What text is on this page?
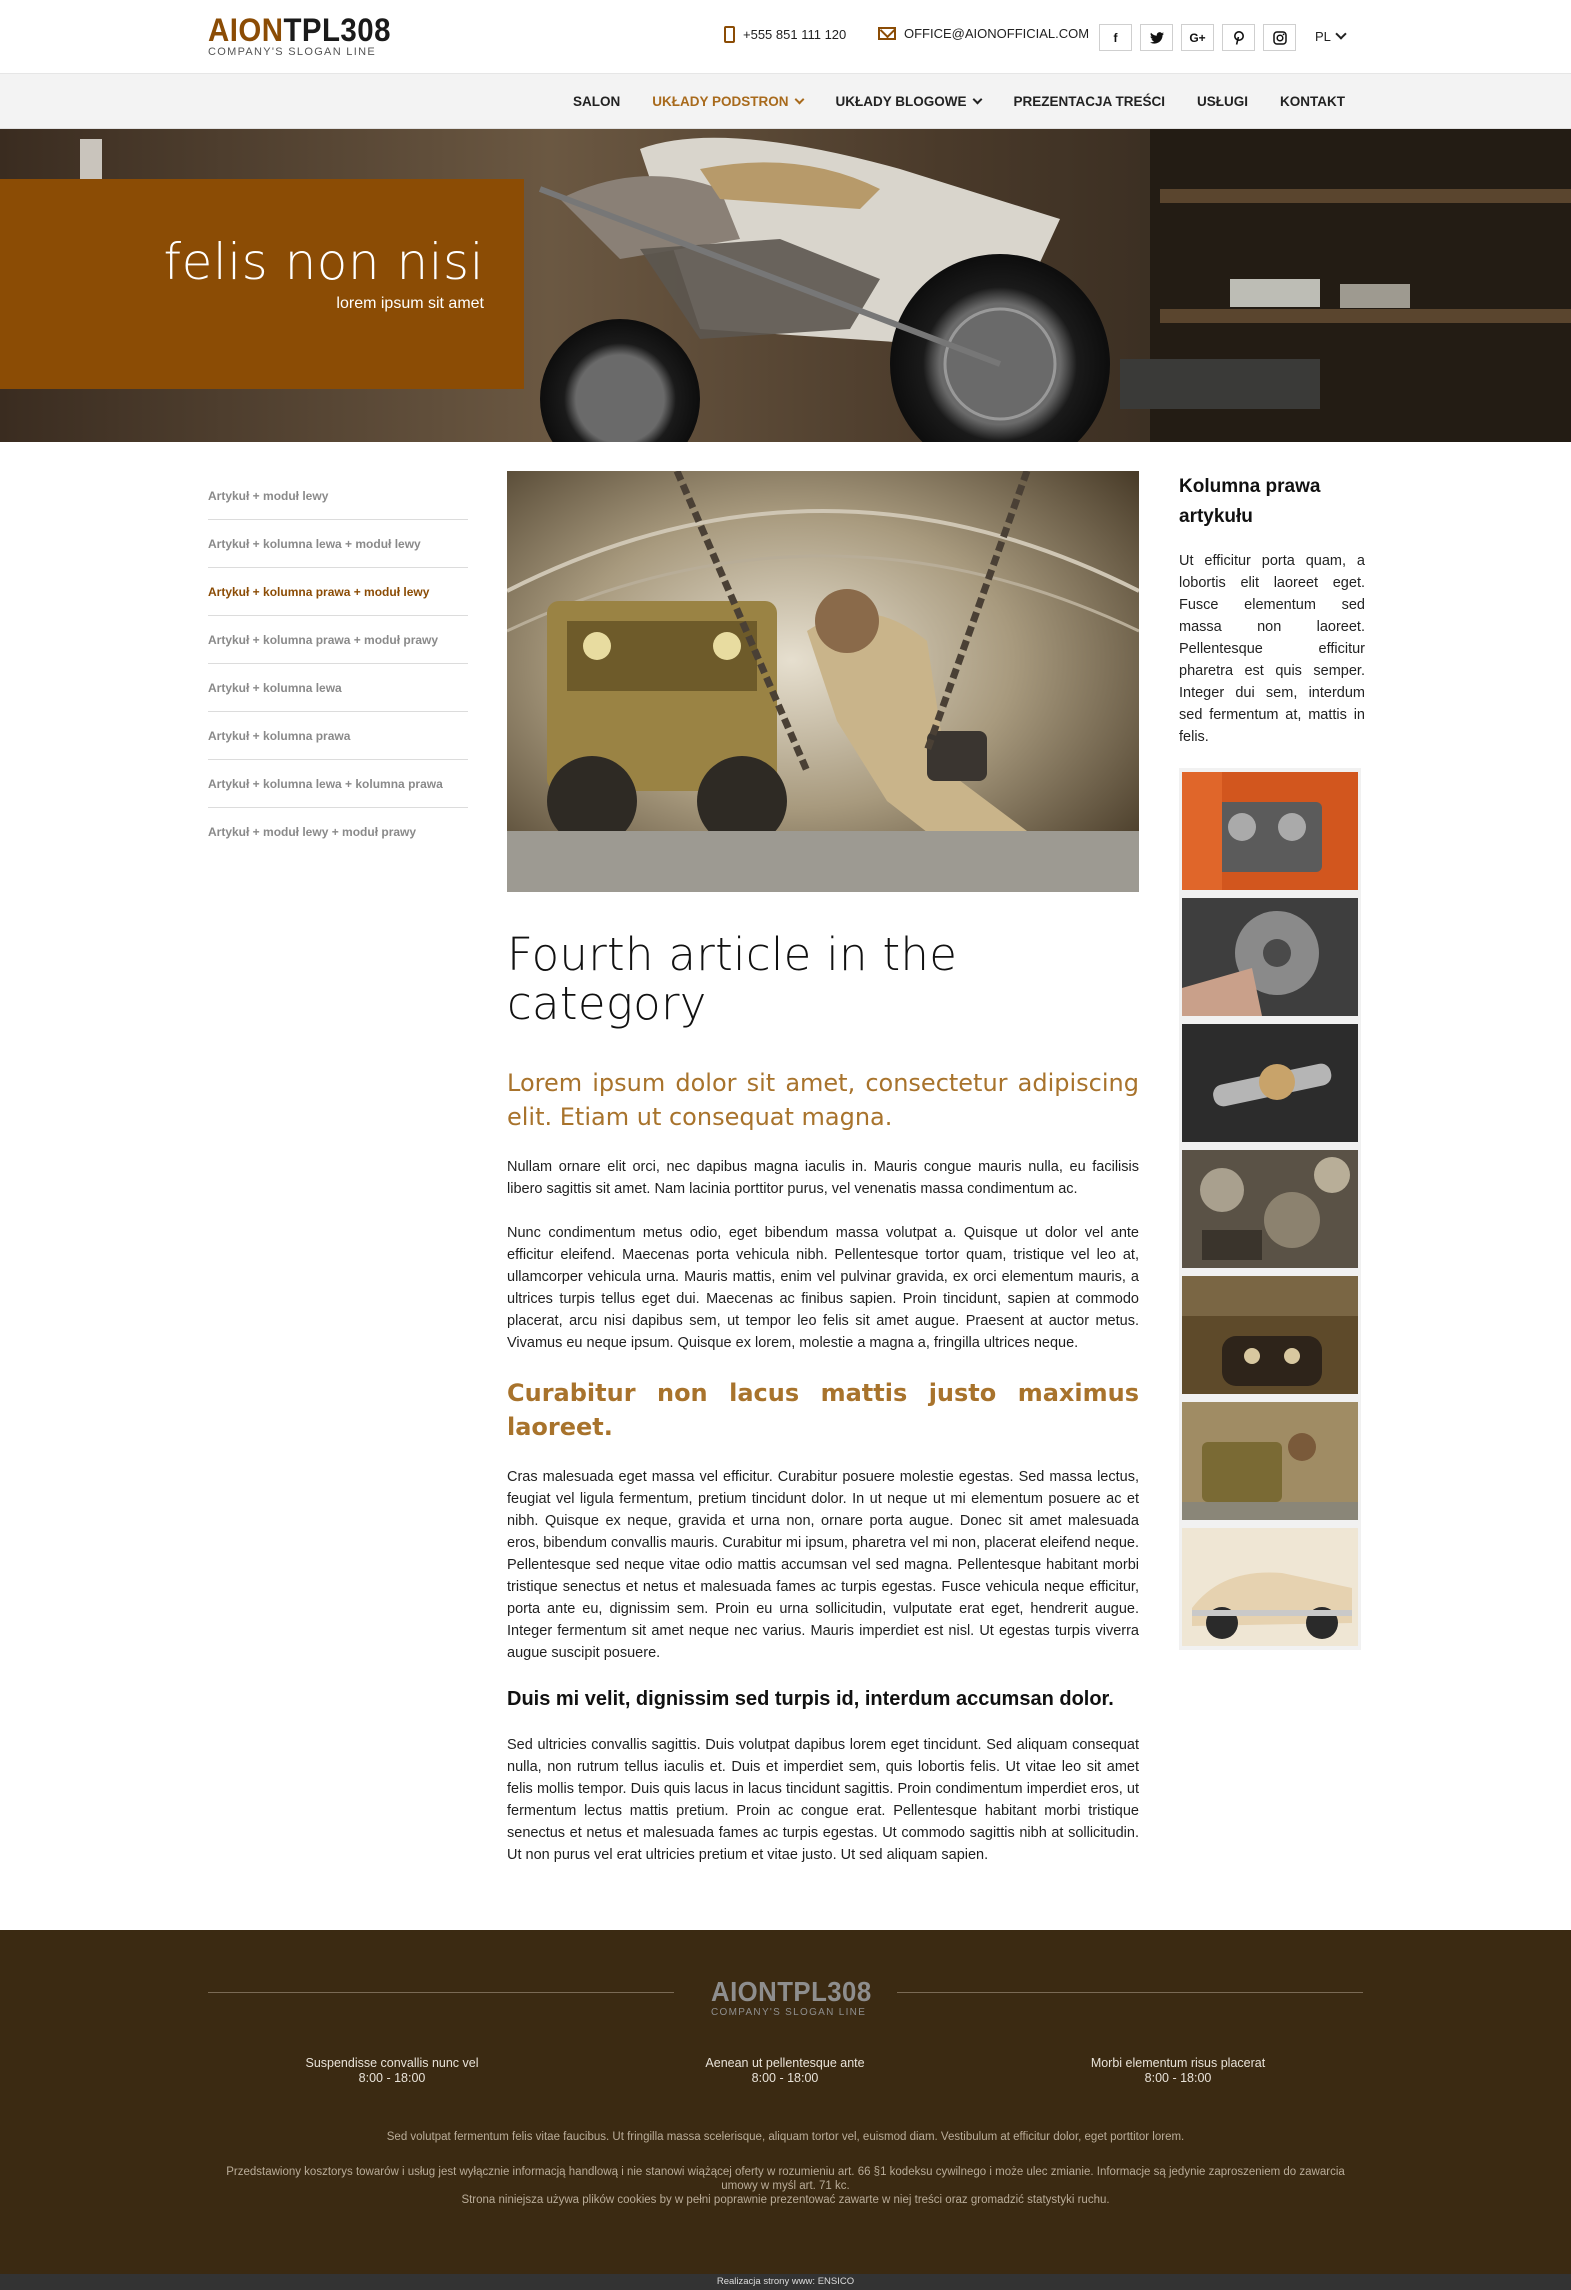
AIONTPL308
COMPANY'S SLOGAN LINE
+555 851 111 120	OFFICE@AIONOFFICIAL.COM	f	G+	PL
SALON UKŁADY PODSTRON	UKŁADY BLOGOWE	PREZENTACJA TREŚCI USŁUGI KONTAKT
felis non nisi
lorem ipsum sit amet
Artykuł + moduł lewy
Artykuł + kolumna lewa + moduł lewy
Artykuł + kolumna prawa + moduł lewy
Artykuł + kolumna prawa + moduł prawy
Artykuł + kolumna lewa
Artykuł + kolumna prawa
Artykuł + kolumna lewa + kolumna prawa
Artykuł + moduł lewy + moduł prawy
Fourth article in the category

Lorem ipsum dolor sit amet, consectetur adipiscing elit. Etiam ut consequat magna.

Nullam ornare elit orci, nec dapibus magna iaculis in. Mauris congue mauris nulla, eu facilisis libero sagittis sit amet. Nam lacinia porttitor purus, vel venenatis massa condimentum ac.

Nunc condimentum metus odio, eget bibendum massa volutpat a. Quisque ut dolor vel ante efficitur eleifend. Maecenas porta vehicula nibh. Pellentesque tortor quam, tristique vel leo at, ullamcorper vehicula urna. Mauris mattis, enim vel pulvinar gravida, ex orci elementum mauris, a ultrices turpis tellus eget dui. Maecenas ac finibus sapien. Proin tincidunt, sapien at commodo placerat, arcu nisi dapibus sem, ut tempor leo felis sit amet augue. Praesent at auctor metus. Vivamus eu neque ipsum. Quisque ex lorem, molestie a magna a, fringilla ultrices neque.

Curabitur non lacus mattis justo maximus laoreet.

Cras malesuada eget massa vel efficitur. Curabitur posuere molestie egestas. Sed massa lectus, feugiat vel ligula fermentum, pretium tincidunt dolor. In ut neque ut mi elementum posuere ac et nibh. Quisque ex neque, gravida et urna non, ornare porta augue. Donec sit amet malesuada eros, bibendum convallis mauris. Curabitur mi ipsum, pharetra vel mi non, placerat eleifend neque. Pellentesque sed neque vitae odio mattis accumsan vel sed magna. Pellentesque habitant morbi tristique senectus et netus et malesuada fames ac turpis egestas. Fusce vehicula neque efficitur, porta ante eu, dignissim sem. Proin eu urna sollicitudin, vulputate erat eget, hendrerit augue. Integer fermentum sit amet neque nec varius. Mauris imperdiet est nisl. Ut egestas turpis viverra augue suscipit posuere.

Duis mi velit, dignissim sed turpis id, interdum accumsan dolor.

Sed ultricies convallis sagittis. Duis volutpat dapibus lorem eget tincidunt. Sed aliquam consequat nulla, non rutrum tellus iaculis et. Duis et imperdiet sem, quis lobortis felis. Ut vitae leo sit amet felis mollis tempor. Duis quis lacus in lacus tincidunt sagittis. Proin condimentum imperdiet eros, ut fermentum lectus mattis pretium. Proin ac congue erat. Pellentesque habitant morbi tristique senectus et netus et malesuada fames ac turpis egestas. Ut commodo sagittis nibh at sollicitudin. Ut non purus vel erat ultricies pretium et vitae justo. Ut sed aliquam sapien.

Kolumna prawa artykułu
Ut efficitur porta quam, a lobortis elit laoreet eget. Fusce elementum sed massa non laoreet. Pellentesque efficitur pharetra est quis semper. Integer dui sem, interdum sed fermentum at, mattis in felis.
AIONTPL308
COMPANY'S SLOGAN LINE
Suspendisse convallis nunc vel
8:00 - 18:00
Aenean ut pellentesque ante
8:00 - 18:00
Morbi elementum risus placerat
8:00 - 18:00
Sed volutpat fermentum felis vitae faucibus. Ut fringilla massa scelerisque, aliquam tortor vel, euismod diam. Vestibulum at efficitur dolor, eget porttitor lorem.
Przedstawiony kosztorys towarów i usług jest wyłącznie informacją handlową i nie stanowi wiążącej oferty w rozumieniu art. 66 §1 kodeksu cywilnego i może ulec zmianie. Informacje są jedynie zaproszeniem do zawarcia umowy w myśl art. 71 kc.
Strona niniejsza używa plików cookies by w pełni poprawnie prezentować zawarte w niej treści oraz gromadzić statystyki ruchu.
Realizacja strony www: ENSICO
